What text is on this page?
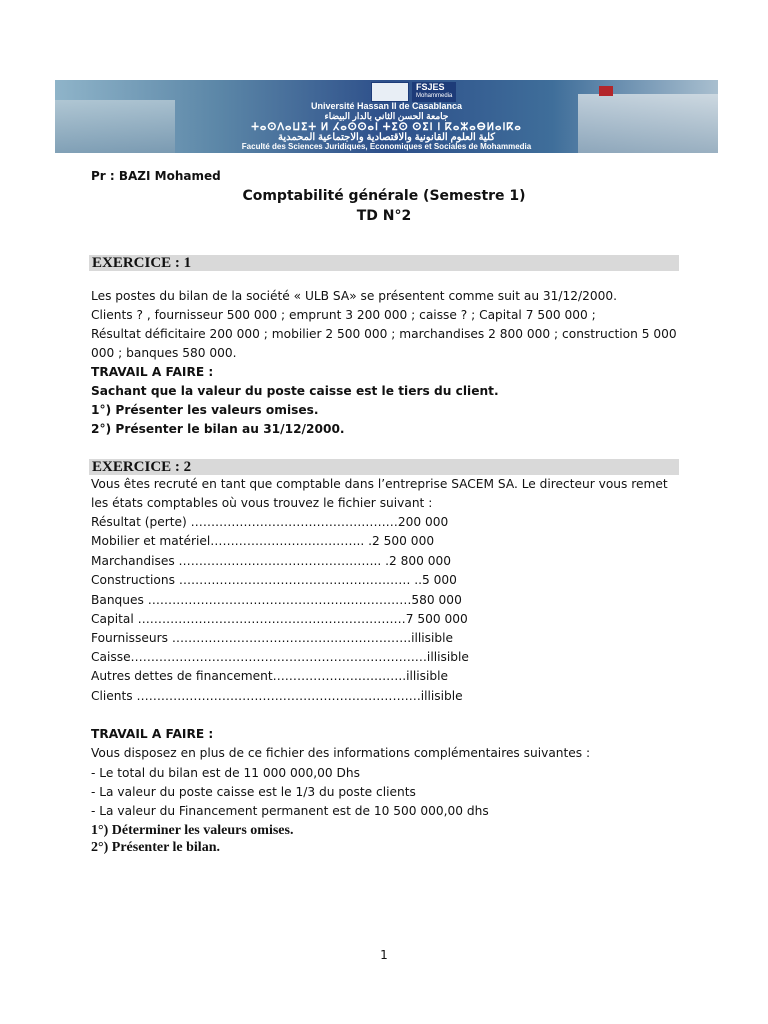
FSJES
Mohammedia
Université Hassan II de Casablanca
جامعة الحسن الثاني بالدار البيضاء
ⵜⴰⵙⴷⴰⵡⵉⵜ ⵍ ⵃⴰⵙⵙⴰⵏ ⵜⵉⵙ ⵙⵉⵏ ⵏ ⴽⴰⵣⴰⴱⵍⴰⵏⴽⴰ
كلية العلوم القانونية والاقتصادية والاجتماعية المحمدية
Faculté des Sciences Juridiques, Economiques et Sociales de Mohammedia
Pr : BAZI Mohamed
Comptabilité générale (Semestre 1)
TD N°2
EXERCICE : 1
Les postes du bilan de la société « ULB SA» se présentent comme suit au 31/12/2000.
Clients ? , fournisseur 500 000 ; emprunt 3 200 000 ; caisse ? ; Capital 7 500 000 ;
Résultat déficitaire 200 000 ; mobilier 2 500 000 ; marchandises 2 800 000 ; construction 5 000
000 ; banques 580 000.
TRAVAIL A FAIRE :
Sachant que la valeur du poste caisse est le tiers du client.
1°) Présenter les valeurs omises.
2°) Présenter le bilan au 31/12/2000.
EXERCICE : 2
Vous êtes recruté en tant que comptable dans l’entreprise SACEM SA. Le directeur vous remet
les états comptables où vous trouvez le fichier suivant :
Résultat (perte) ……………………………………………200 000
Mobilier et matériel……………………………….. .2 500 000
Marchandises ………………………………………….. .2 800 000
Constructions ………………………………………………… ..5 000
Banques …………………………………………..……………580 000
Capital …………………………………………………………7 500 000
Fournisseurs ………………………………….……………….illisible
Caisse…………………………………………………………….…illisible
Autres dettes de financement…………………….……..illisible
Clients …………………………………………………………….illisible
TRAVAIL A FAIRE :
Vous disposez en plus de ce fichier des informations complémentaires suivantes :
- Le total du bilan est de 11 000 000,00 Dhs
- La valeur du poste caisse est le 1/3 du poste clients
- La valeur du Financement permanent est de 10 500 000,00 dhs
1°) Déterminer les valeurs omises.
2°) Présenter le bilan.
1
